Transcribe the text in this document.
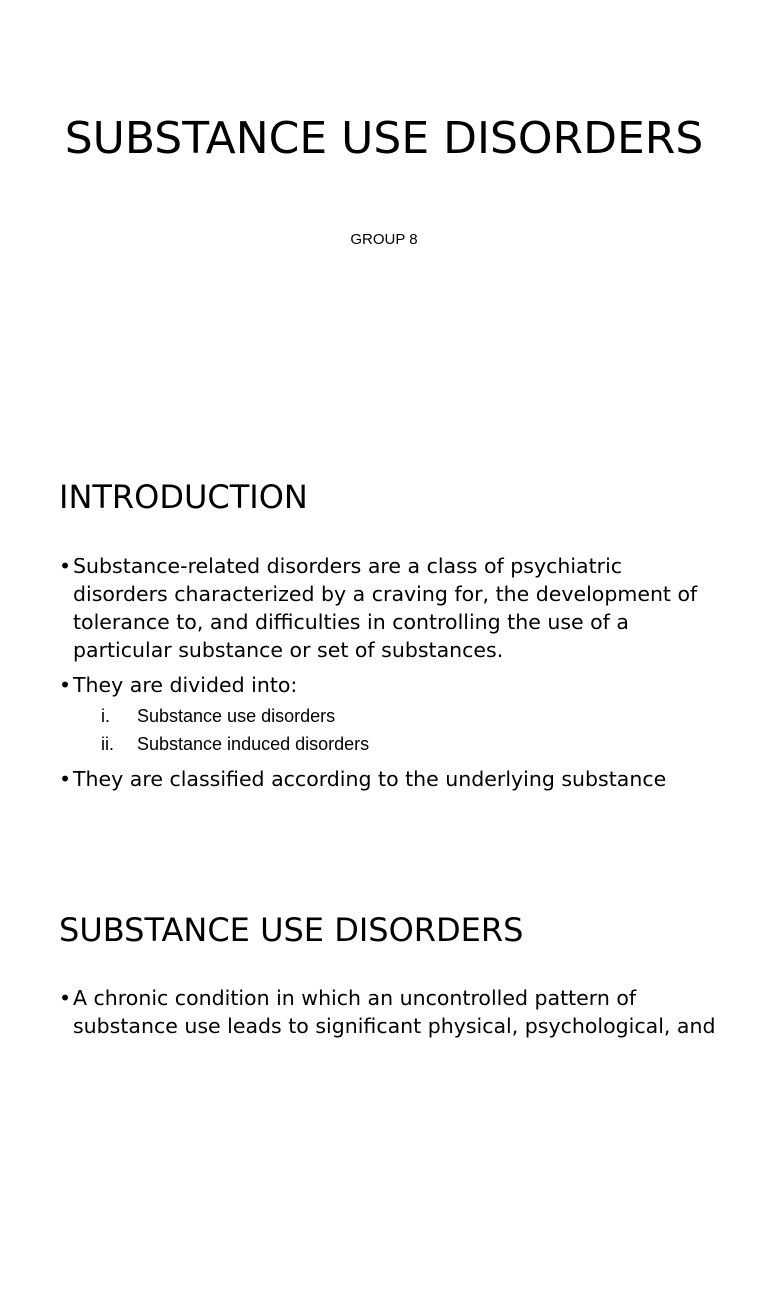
SUBSTANCE USE DISORDERS
GROUP 8
INTRODUCTION
• Substance-related disorders are a class of psychiatric disorders characterized by a craving for, the development of tolerance to, and difficulties in controlling the use of a particular substance or set of substances.
• They are divided into:
i. Substance use disorders
ii. Substance induced disorders
• They are classified according to the underlying substance
SUBSTANCE USE DISORDERS
• A chronic condition in which an uncontrolled pattern of substance use leads to significant physical, psychological, and
